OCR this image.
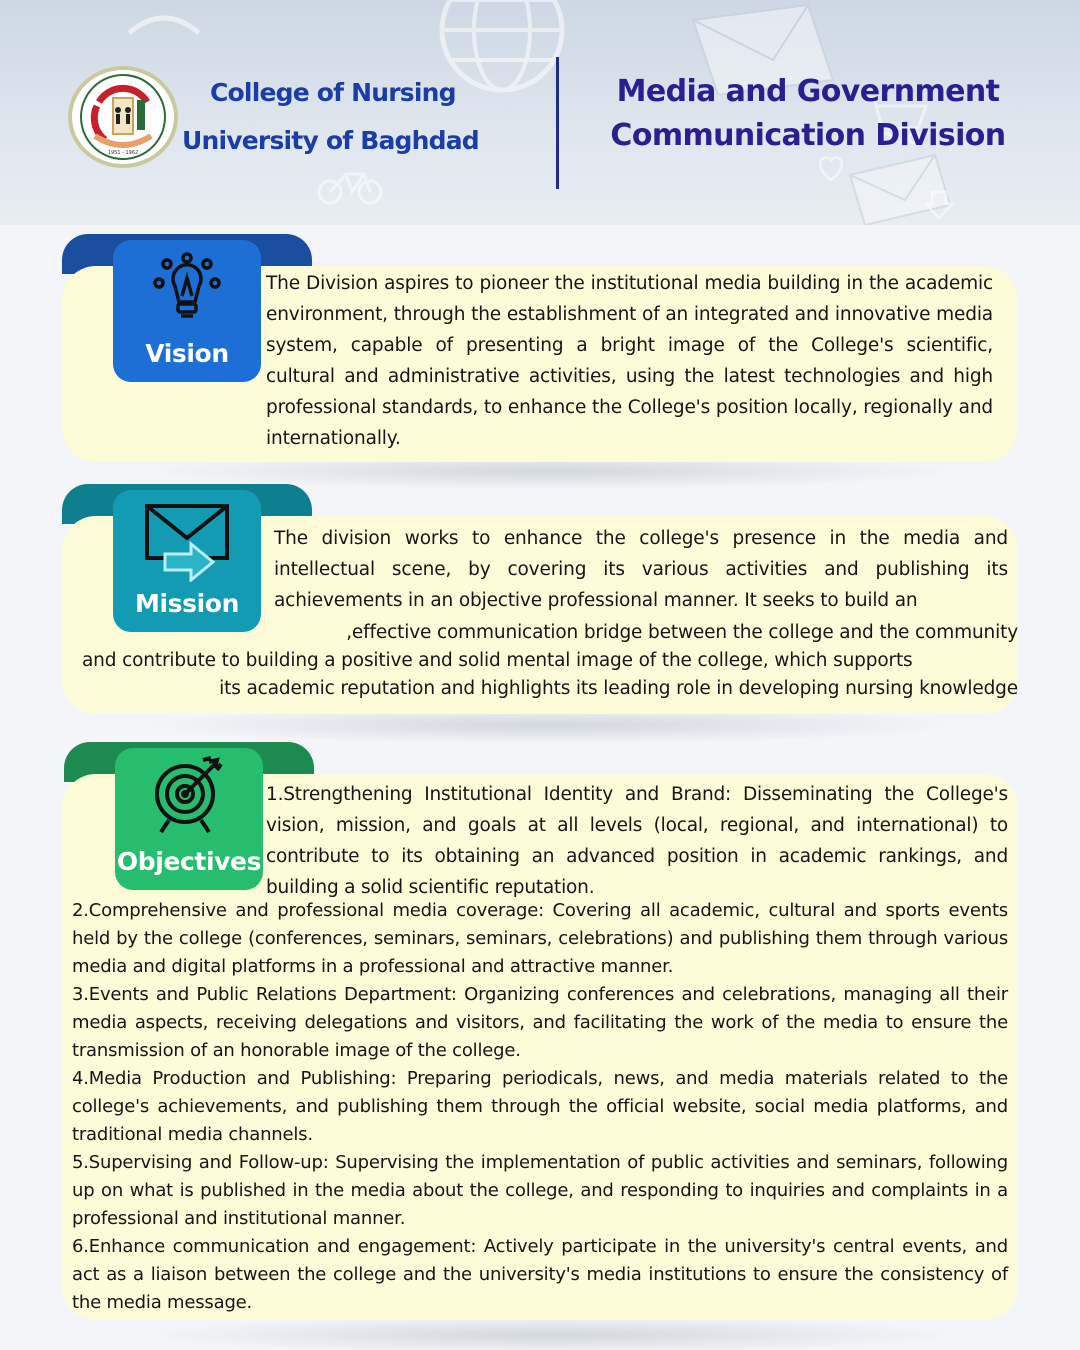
1951 - 1962
College of Nursing
University of Baghdad
Media and Government
Communication Division
Vision
The Division aspires to pioneer the institutional media building in the academic environment, through the establishment of an integrated and innovative media system, capable of presenting a bright image of the College's scientific, cultural and administrative activities, using the latest technologies and high professional standards, to enhance the College's position locally, regionally and internationally.
Mission
The division works to enhance the college's presence in the media and intellectual scene, by covering its various activities and publishing its achievements in an objective professional manner. It seeks to build an
,effective communication bridge between the college and the community
and contribute to building a positive and solid mental image of the college, which supports
its academic reputation and highlights its leading role in developing nursing knowledge
Objectives
1.Strengthening Institutional Identity and Brand: Disseminating the College's vision, mission, and goals at all levels (local, regional, and international) to contribute to its obtaining an advanced position in academic rankings, and building a solid scientific reputation.
2.Comprehensive and professional media coverage: Covering all academic, cultural and sports events held by the college (conferences, seminars, seminars, celebrations) and publishing them through various media and digital platforms in a professional and attractive manner.
3.Events and Public Relations Department: Organizing conferences and celebrations, managing all their media aspects, receiving delegations and visitors, and facilitating the work of the media to ensure the transmission of an honorable image of the college.
4.Media Production and Publishing: Preparing periodicals, news, and media materials related to the college's achievements, and publishing them through the official website, social media platforms, and traditional media channels.
5.Supervising and Follow-up: Supervising the implementation of public activities and seminars, following up on what is published in the media about the college, and responding to inquiries and complaints in a professional and institutional manner.
6.Enhance communication and engagement: Actively participate in the university's central events, and act as a liaison between the college and the university's media institutions to ensure the consistency of the media message.
